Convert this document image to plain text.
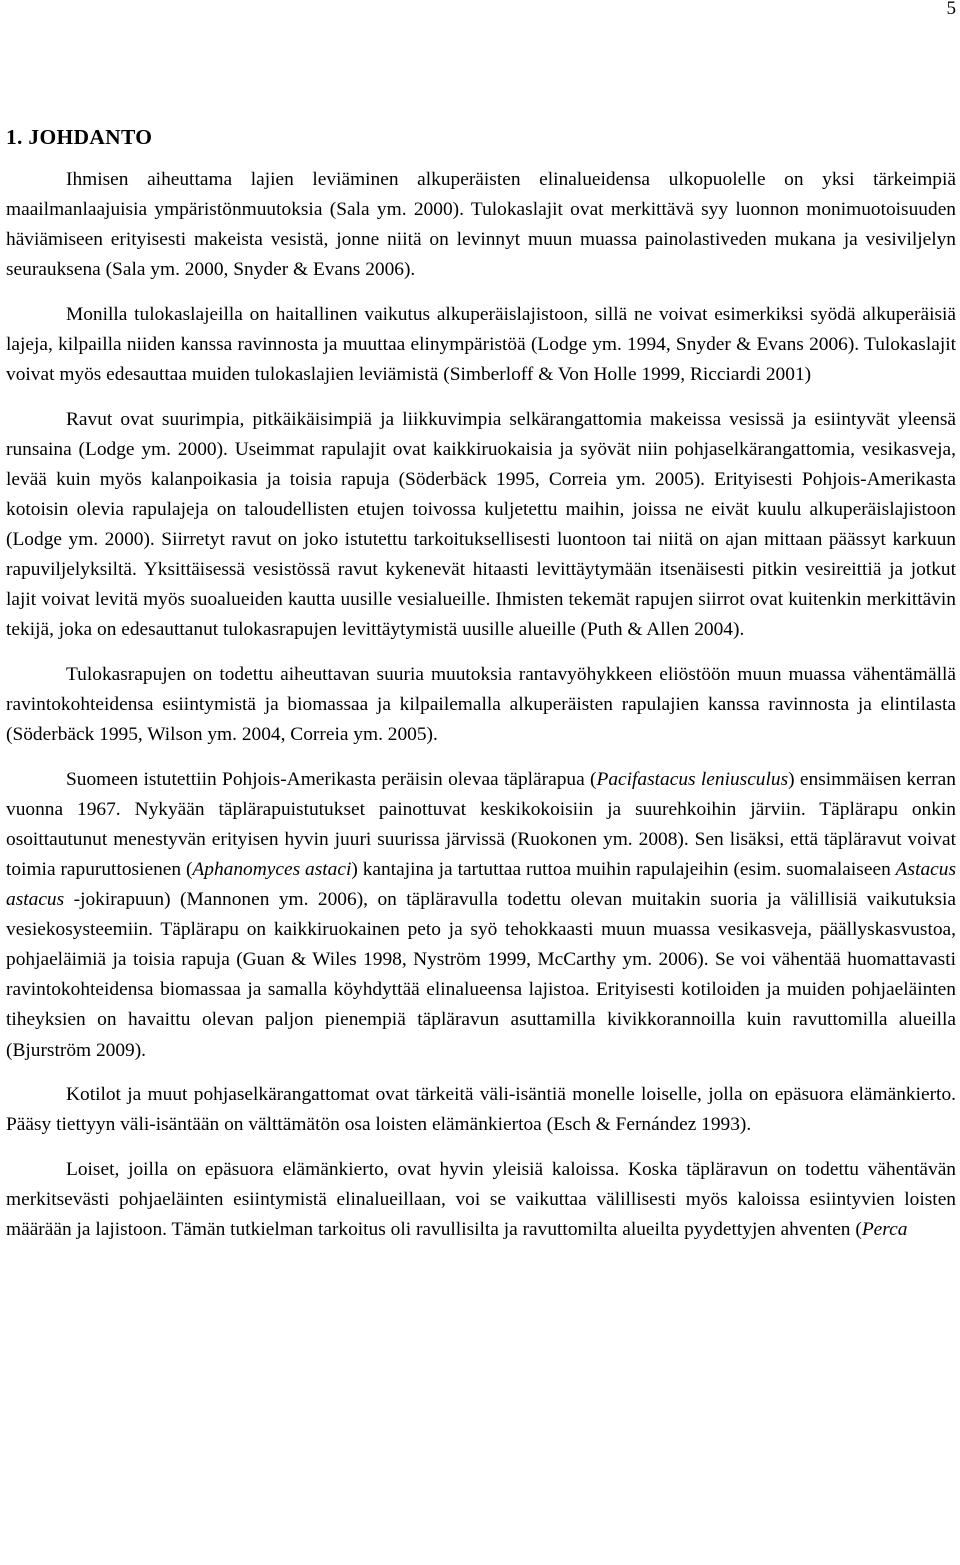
5
1. JOHDANTO

Ihmisen aiheuttama lajien leviäminen alkuperäisten elinalueidensa ulkopuolelle on yksi tärkeimpiä maailmanlaajuisia ympäristönmuutoksia (Sala ym. 2000). Tulokaslajit ovat merkittävä syy luonnon monimuotoisuuden häviämiseen erityisesti makeista vesistä, jonne niitä on levinnyt muun muassa painolastiveden mukana ja vesiviljelyn seurauksena (Sala ym. 2000, Snyder & Evans 2006).

Monilla tulokaslajeilla on haitallinen vaikutus alkuperäislajistoon, sillä ne voivat esimerkiksi syödä alkuperäisiä lajeja, kilpailla niiden kanssa ravinnosta ja muuttaa elinympäristöä (Lodge ym. 1994, Snyder & Evans 2006). Tulokaslajit voivat myös edesauttaa muiden tulokaslajien leviämistä (Simberloff & Von Holle 1999, Ricciardi 2001)

Ravut ovat suurimpia, pitkäikäisimpiä ja liikkuvimpia selkärangattomia makeissa vesissä ja esiintyvät yleensä runsaina (Lodge ym. 2000). Useimmat rapulajit ovat kaikkiruokaisia ja syövät niin pohjaselkärangattomia, vesikasveja, levää kuin myös kalanpoikasia ja toisia rapuja (Söderbäck 1995, Correia ym. 2005). Erityisesti Pohjois-Amerikasta kotoisin olevia rapulajeja on taloudellisten etujen toivossa kuljetettu maihin, joissa ne eivät kuulu alkuperäislajistoon (Lodge ym. 2000). Siirretyt ravut on joko istutettu tarkoituksellisesti luontoon tai niitä on ajan mittaan päässyt karkuun rapuviljelyksiltä. Yksittäisessä vesistössä ravut kykenevät hitaasti levittäytymään itsenäisesti pitkin vesireittiä ja jotkut lajit voivat levitä myös suoalueiden kautta uusille vesialueille. Ihmisten tekemät rapujen siirrot ovat kuitenkin merkittävin tekijä, joka on edesauttanut tulokasrapujen levittäytymistä uusille alueille (Puth & Allen 2004).

Tulokasrapujen on todettu aiheuttavan suuria muutoksia rantavyöhykkeen eliöstöön muun muassa vähentämällä ravintokohteidensa esiintymistä ja biomassaa ja kilpailemalla alkuperäisten rapulajien kanssa ravinnosta ja elintilasta (Söderbäck 1995, Wilson ym. 2004, Correia ym. 2005).

Suomeen istutettiin Pohjois-Amerikasta peräisin olevaa täplärapua (Pacifastacus leniusculus) ensimmäisen kerran vuonna 1967. Nykyään täplärapuistutukset painottuvat keskikokoisiin ja suurehkoihin järviin. Täplärapu onkin osoittautunut menestyvän erityisen hyvin juuri suurissa järvissä (Ruokonen ym. 2008). Sen lisäksi, että täpläravut voivat toimia rapuruttosienen (Aphanomyces astaci) kantajina ja tartuttaa ruttoa muihin rapulajeihin (esim. suomalaiseen Astacus astacus -jokirapuun) (Mannonen ym. 2006), on täpläravulla todettu olevan muitakin suoria ja välillisiä vaikutuksia vesiekosysteemiin. Täplärapu on kaikkiruokainen peto ja syö tehokkaasti muun muassa vesikasveja, päällyskasvustoa, pohjaeläimiä ja toisia rapuja (Guan & Wiles 1998, Nyström 1999, McCarthy ym. 2006). Se voi vähentää huomattavasti ravintokohteidensa biomassaa ja samalla köyhdyttää elinalueensa lajistoa. Erityisesti kotiloiden ja muiden pohjaeläinten tiheyksien on havaittu olevan paljon pienempiä täpläravun asuttamilla kivikkorannoilla kuin ravuttomilla alueilla (Bjurström 2009).

Kotilot ja muut pohjaselkärangattomat ovat tärkeitä väli-isäntiä monelle loiselle, jolla on epäsuora elämänkierto. Pääsy tiettyyn väli-isäntään on välttämätön osa loisten elämänkiertoa (Esch & Fernández 1993).

Loiset, joilla on epäsuora elämänkierto, ovat hyvin yleisiä kaloissa. Koska täpläravun on todettu vähentävän merkitsevästi pohjaeläinten esiintymistä elinalueillaan, voi se vaikuttaa välillisesti myös kaloissa esiintyvien loisten määrään ja lajistoon. Tämän tutkielman tarkoitus oli ravullisilta ja ravuttomilta alueilta pyydettyjen ahventen (Perca
